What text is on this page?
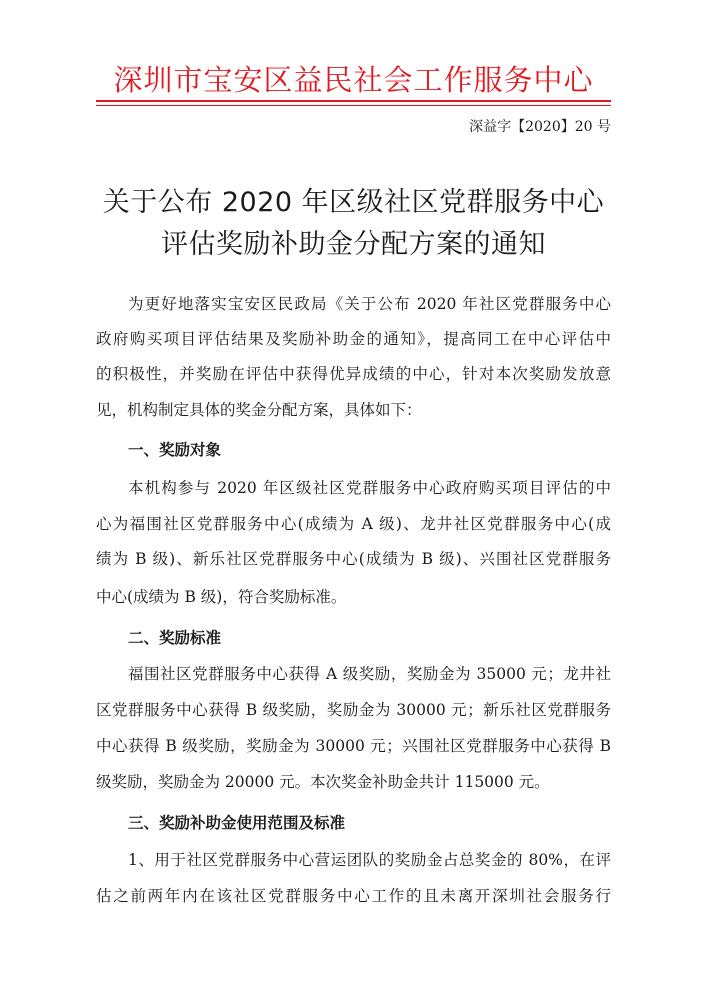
深圳市宝安区益民社会工作服务中心
深益字【2020】20 号
关于公布 2020 年区级社区党群服务中心
评估奖励补助金分配方案的通知
为更好地落实宝安区民政局《关于公布 2020 年社区党群服务中心
政府购买项目评估结果及奖励补助金的通知》，提高同工在中心评估中
的积极性，并奖励在评估中获得优异成绩的中心，针对本次奖励发放意
见，机构制定具体的奖金分配方案，具体如下：
一、奖励对象
本机构参与 2020 年区级社区党群服务中心政府购买项目评估的中
心为福围社区党群服务中心(成绩为 A 级)、龙井社区党群服务中心(成
绩为 B 级)、新乐社区党群服务中心(成绩为 B 级)、兴围社区党群服务
中心(成绩为 B 级)，符合奖励标准。
二、奖励标准
福围社区党群服务中心获得 A 级奖励，奖励金为 35000 元；龙井社
区党群服务中心获得 B 级奖励，奖励金为 30000 元；新乐社区党群服务
中心获得 B 级奖励，奖励金为 30000 元；兴围社区党群服务中心获得 B
级奖励，奖励金为 20000 元。本次奖金补助金共计 115000 元。
三、奖励补助金使用范围及标准
1、用于社区党群服务中心营运团队的奖励金占总奖金的 80%，在评
估之前两年内在该社区党群服务中心工作的且未离开深圳社会服务行
